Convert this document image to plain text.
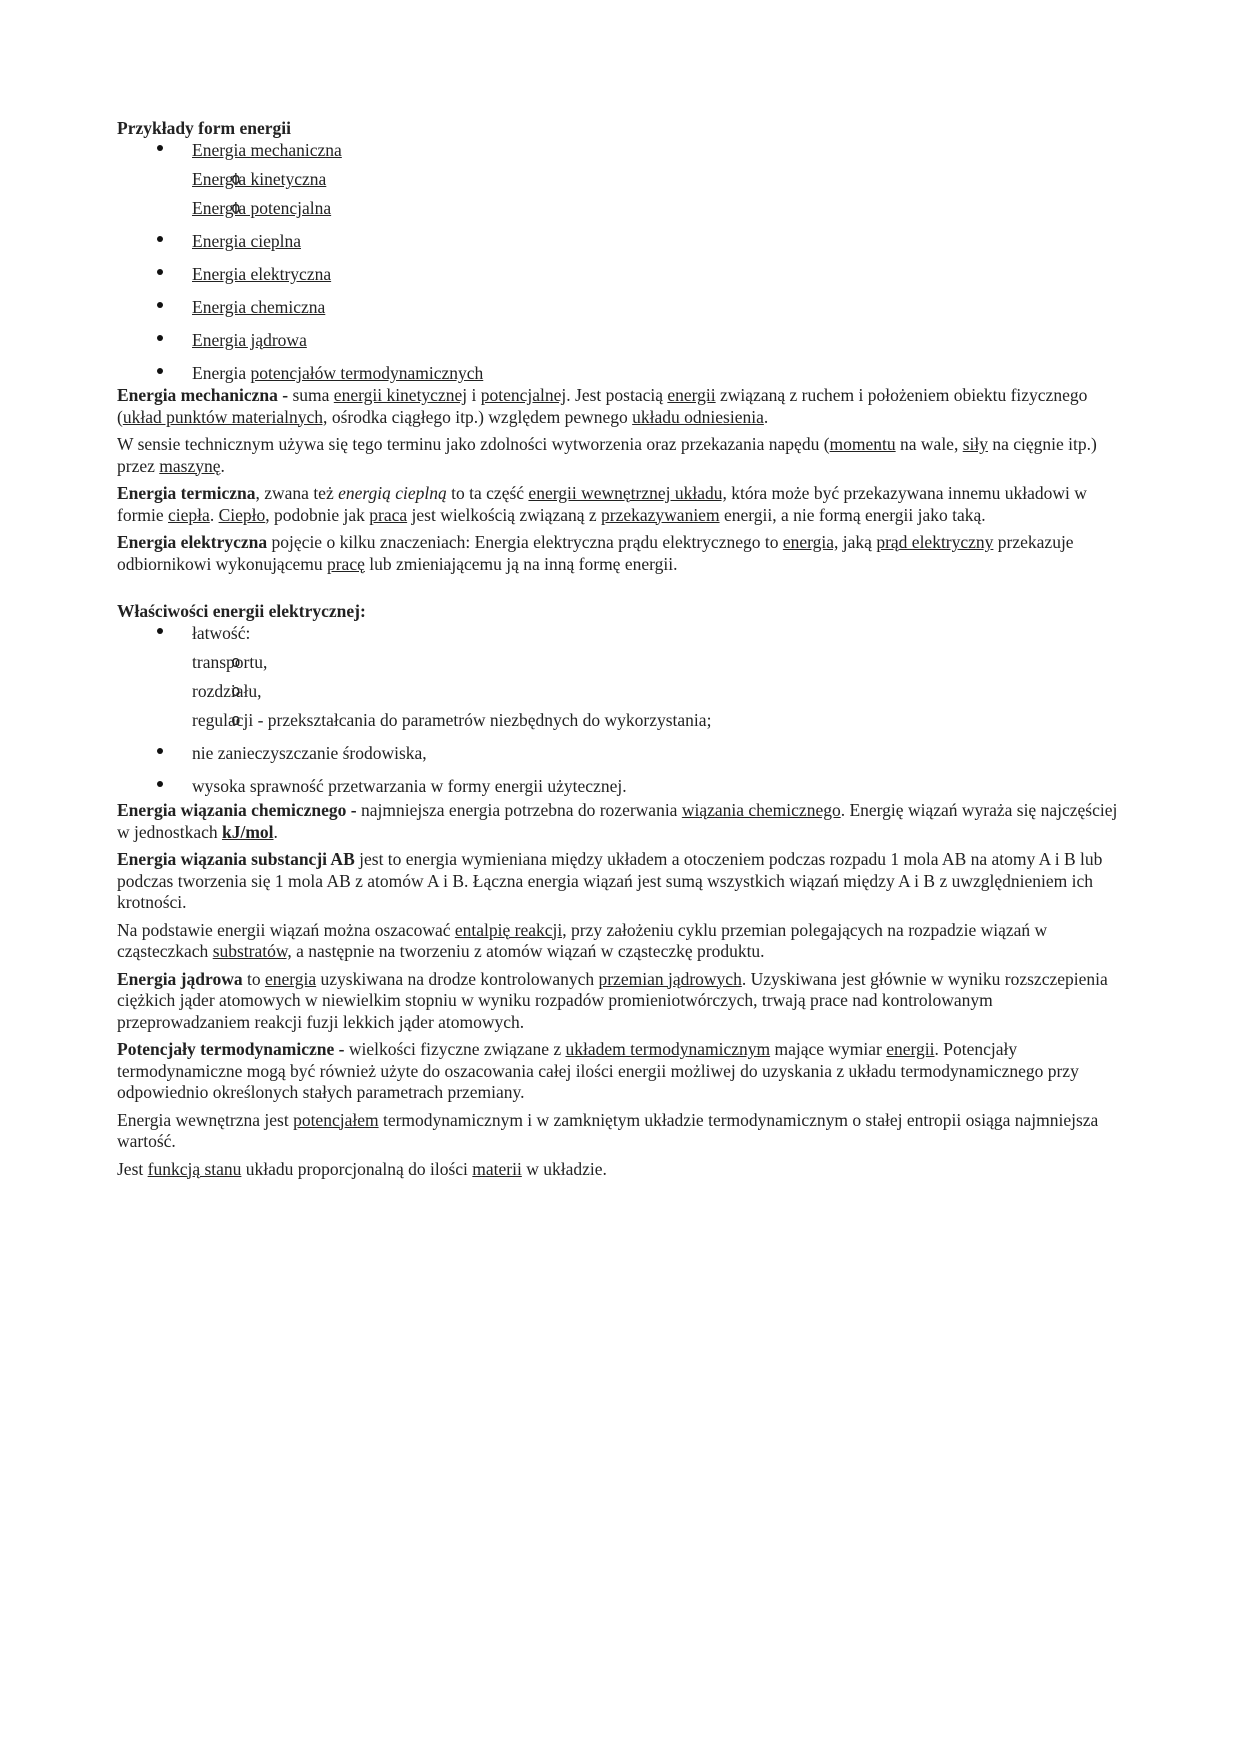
Przykłady form energii
Energia mechaniczna
o Energia kinetyczna
o Energia potencjalna
Energia cieplna
Energia elektryczna
Energia chemiczna
Energia jądrowa
Energia potencjałów termodynamicznych

Energia mechaniczna - suma energii kinetycznej i potencjalnej. Jest postacią energii związaną z ruchem i położeniem obiektu fizycznego (układ punktów materialnych, ośrodka ciągłego itp.) względem pewnego układu odniesienia.

W sensie technicznym używa się tego terminu jako zdolności wytworzenia oraz przekazania napędu (momentu na wale, siły na cięgnie itp.) przez maszynę.

Energia termiczna, zwana też energią cieplną to ta część energii wewnętrznej układu, która może być przekazywana innemu układowi w formie ciepła. Ciepło, podobnie jak praca jest wielkością związaną z przekazywaniem energii, a nie formą energii jako taką.

Energia elektryczna pojęcie o kilku znaczeniach: Energia elektryczna prądu elektrycznego to energia, jaką prąd elektryczny przekazuje odbiornikowi wykonującemu pracę lub zmieniającemu ją na inną formę energii.

Właściwości energii elektrycznej:
łatwość:
o transportu,
o rozdziału,
o regulacji - przekształcania do parametrów niezbędnych do wykorzystania;
nie zanieczyszczanie środowiska,
wysoka sprawność przetwarzania w formy energii użytecznej.

Energia wiązania chemicznego - najmniejsza energia potrzebna do rozerwania wiązania chemicznego. Energię wiązań wyraża się najczęściej w jednostkach kJ/mol.

Energia wiązania substancji AB jest to energia wymieniana między układem a otoczeniem podczas rozpadu 1 mola AB na atomy A i B lub podczas tworzenia się 1 mola AB z atomów A i B. Łączna energia wiązań jest sumą wszystkich wiązań między A i B z uwzględnieniem ich krotności.

Na podstawie energii wiązań można oszacować entalpię reakcji, przy założeniu cyklu przemian polegających na rozpadzie wiązań w cząsteczkach substratów, a następnie na tworzeniu z atomów wiązań w cząsteczkę produktu.

Energia jądrowa to energia uzyskiwana na drodze kontrolowanych przemian jądrowych. Uzyskiwana jest głównie w wyniku rozszczepienia ciężkich jąder atomowych w niewielkim stopniu w wyniku rozpadów promieniotwórczych, trwają prace nad kontrolowanym przeprowadzaniem reakcji fuzji lekkich jąder atomowych.

Potencjały termodynamiczne - wielkości fizyczne związane z układem termodynamicznym mające wymiar energii. Potencjały termodynamiczne mogą być również użyte do oszacowania całej ilości energii możliwej do uzyskania z układu termodynamicznego przy odpowiednio określonych stałych parametrach przemiany.

Energia wewnętrzna jest potencjałem termodynamicznym i w zamkniętym układzie termodynamicznym o stałej entropii osiąga najmniejsza wartość.

Jest funkcją stanu układu proporcjonalną do ilości materii w układzie.
